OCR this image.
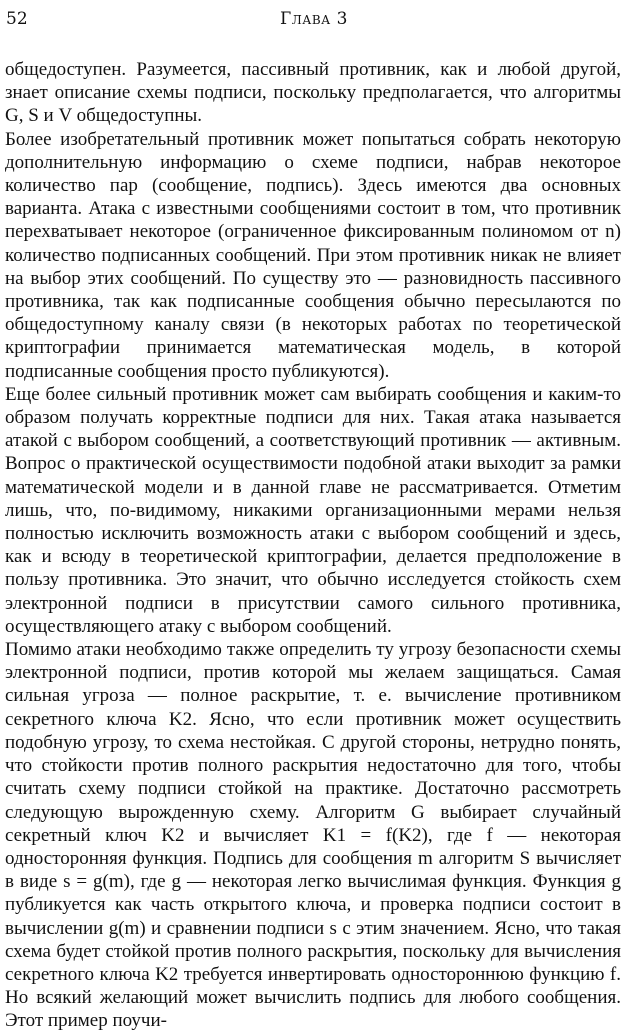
52	Глава 3

общедоступен. Разумеется, пассивный противник, как и любой другой, знает описание схемы подписи, поскольку предполагается, что алгоритмы G, S и V общедоступны.

Более изобретательный противник может попытаться собрать некоторую дополнительную информацию о схеме подписи, набрав некоторое количество пар (сообщение, подпись). Здесь имеются два основных варианта. Атака с известными сообщениями состоит в том, что противник перехватывает некоторое (ограниченное фиксированным полиномом от n) количество подписанных сообщений. При этом противник никак не влияет на выбор этих сообщений. По существу это — разновидность пассивного противника, так как подписанные сообщения обычно пересылаются по общедоступному каналу связи (в некоторых работах по теоретической криптографии принимается математическая модель, в которой подписанные сообщения просто публикуются).

Еще более сильный противник может сам выбирать сообщения и каким-то образом получать корректные подписи для них. Такая атака называется атакой с выбором сообщений, а соответствующий противник — активным. Вопрос о практической осуществимости подобной атаки выходит за рамки математической модели и в данной главе не рассматривается. Отметим лишь, что, по-видимому, никакими организационными мерами нельзя полностью исключить возможность атаки с выбором сообщений и здесь, как и всюду в теоретической криптографии, делается предположение в пользу противника. Это значит, что обычно исследуется стойкость схем электронной подписи в присутствии самого сильного противника, осуществляющего атаку с выбором сообщений.

Помимо атаки необходимо также определить ту угрозу безопасности схемы электронной подписи, против которой мы желаем защищаться. Самая сильная угроза — полное раскрытие, т. е. вычисление противником секретного ключа K2. Ясно, что если противник может осуществить подобную угрозу, то схема нестойкая. С другой стороны, нетрудно понять, что стойкости против полного раскрытия недостаточно для того, чтобы считать схему подписи стойкой на практике. Достаточно рассмотреть следующую вырожденную схему. Алгоритм G выбирает случайный секретный ключ K2 и вычисляет K1 = f(K2), где f — некоторая односторонняя функция. Подпись для сообщения m алгоритм S вычисляет в виде s = g(m), где g — некоторая легко вычислимая функция. Функция g публикуется как часть открытого ключа, и проверка подписи состоит в вычислении g(m) и сравнении подписи s с этим значением. Ясно, что такая схема будет стойкой против полного раскрытия, поскольку для вычисления секретного ключа K2 требуется инвертировать одностороннюю функцию f. Но всякий желающий может вычислить подпись для любого сообщения. Этот пример поучи-
